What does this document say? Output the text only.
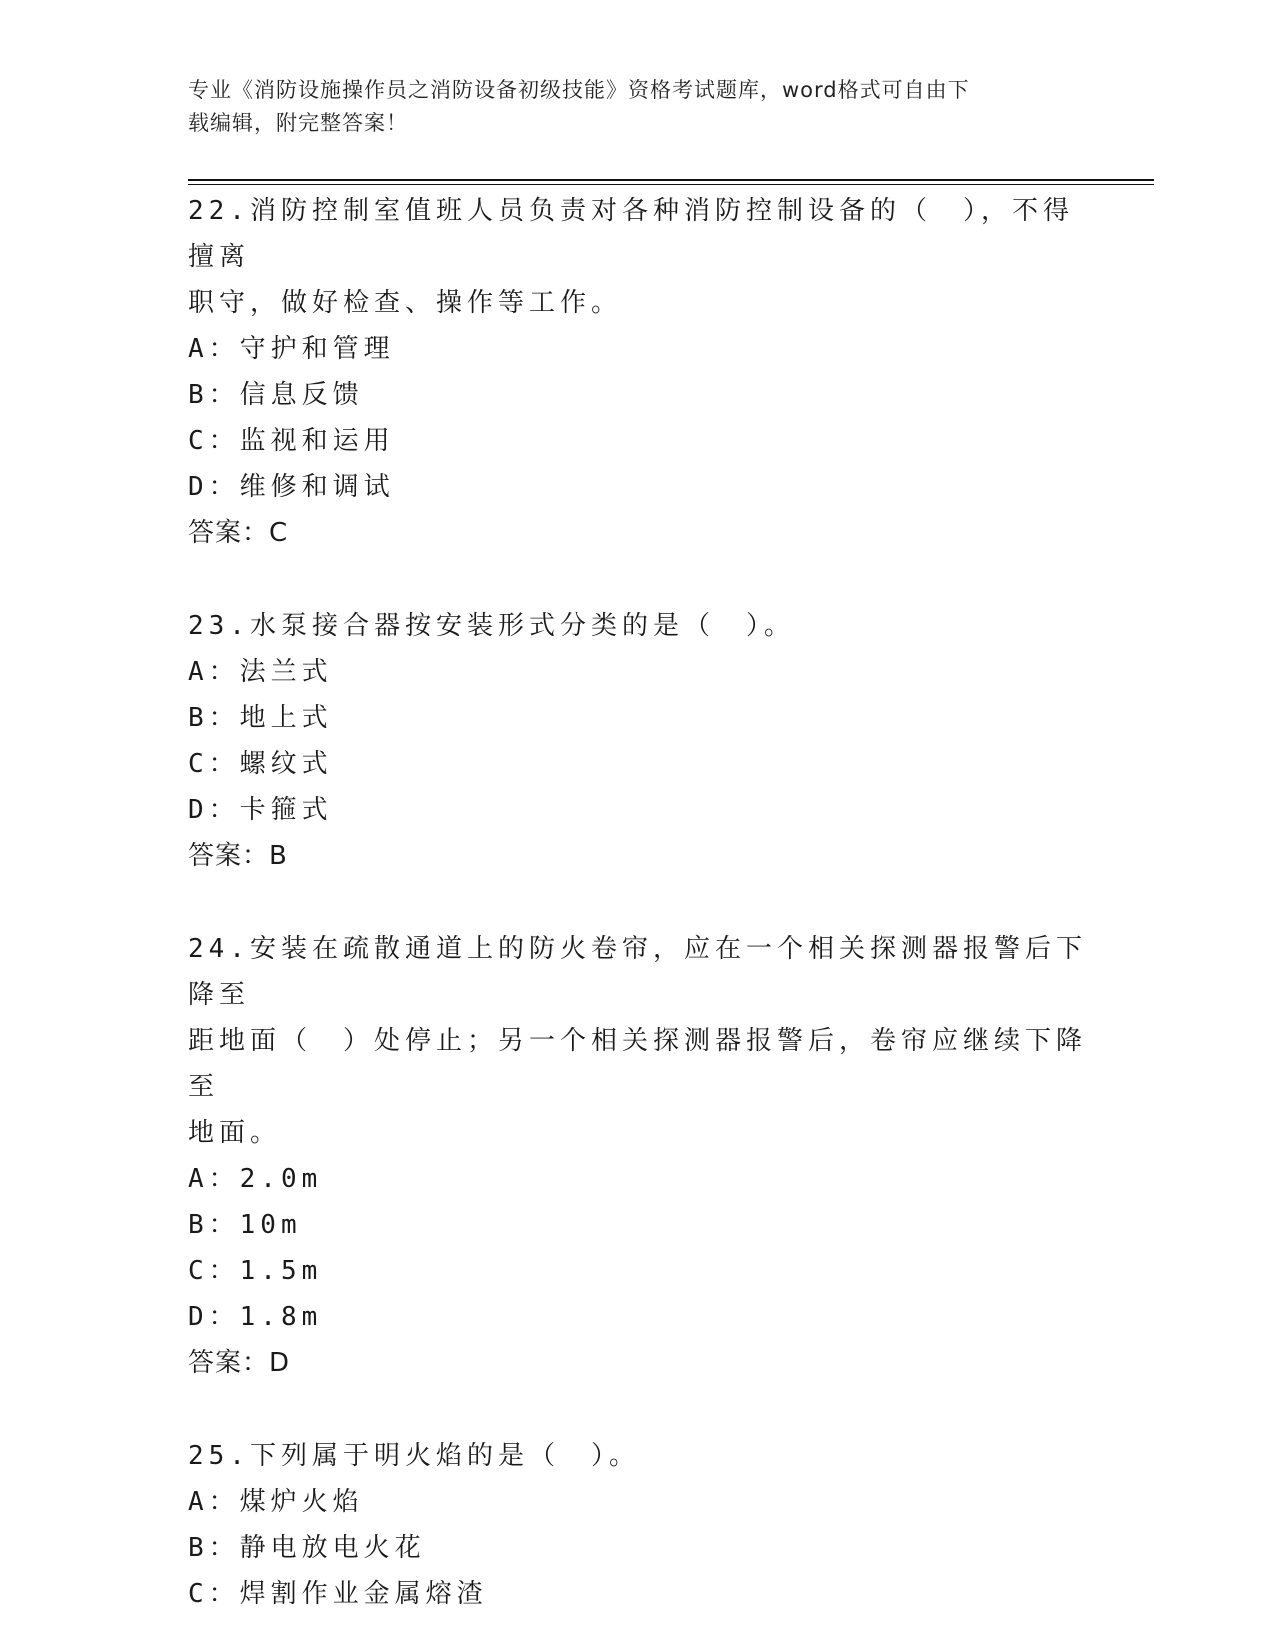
专业《消防设施操作员之消防设备初级技能》资格考试题库，word格式可自由下
载编辑，附完整答案！

22.消防控制室值班人员负责对各种消防控制设备的（　），不得擅离

职守，做好检查、操作等工作。

A：守护和管理

B：信息反馈

C：监视和运用

D：维修和调试

答案：C

23.水泵接合器按安装形式分类的是（　）。

A：法兰式

B：地上式

C：螺纹式

D：卡箍式

答案：B

24.安装在疏散通道上的防火卷帘，应在一个相关探测器报警后下降至

距地面（　）处停止；另一个相关探测器报警后，卷帘应继续下降至

地面。

A：2.0m

B：10m

C：1.5m

D：1.8m

答案：D

25.下列属于明火焰的是（　）。

A：煤炉火焰

B：静电放电火花

C：焊割作业金属熔渣
